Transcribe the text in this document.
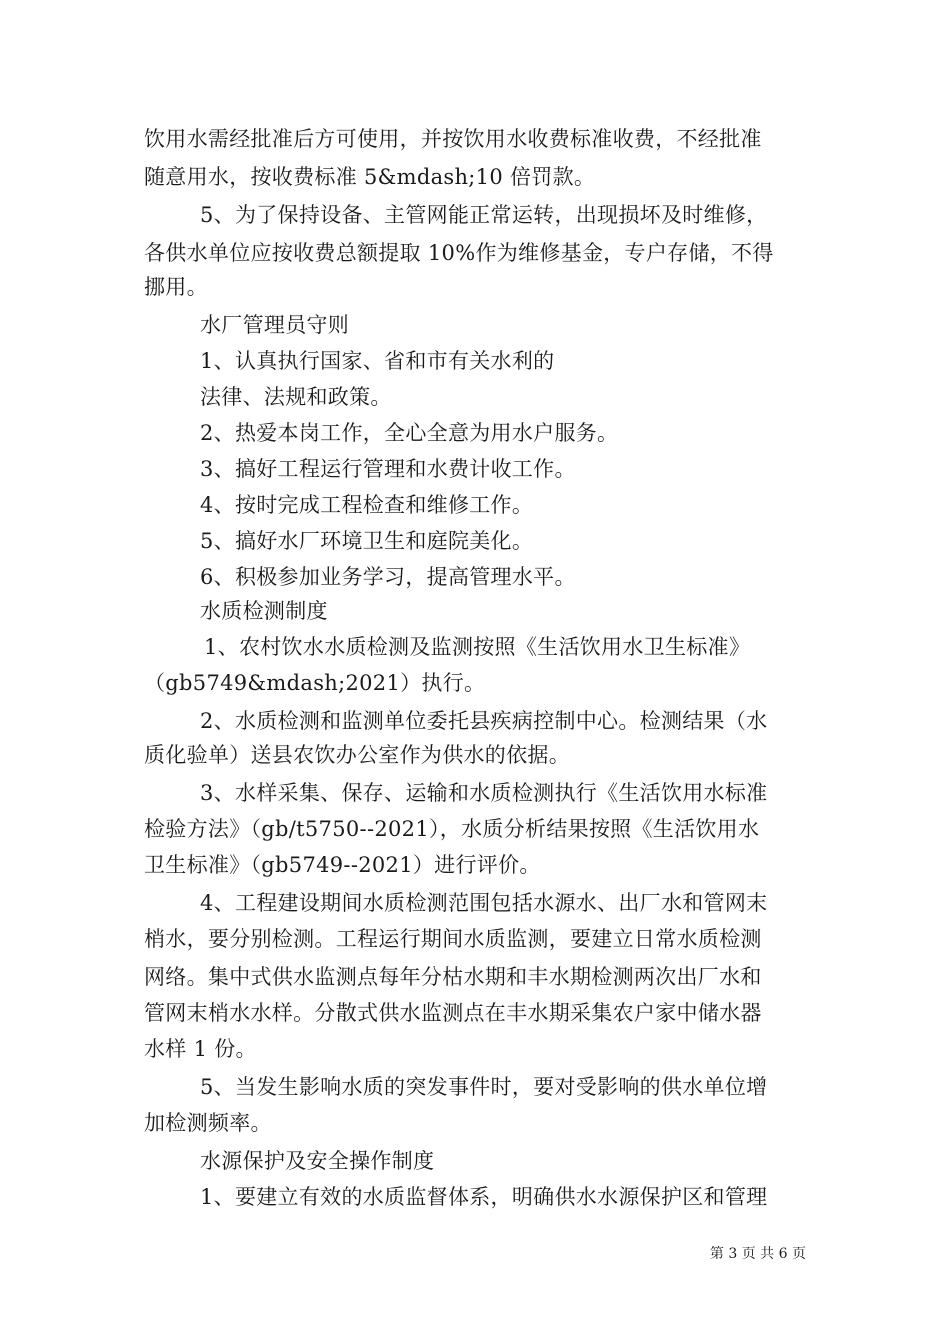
饮用水需经批准后方可使用，并按饮用水收费标准收费，不经批准
随意用水，按收费标准 5&mdash;10 倍罚款。
5、为了保持设备、主管网能正常运转，出现损坏及时维修，
各供水单位应按收费总额提取 10%作为维修基金，专户存储，不得
挪用。
水厂管理员守则
1、认真执行国家、省和市有关水利的
法律、法规和政策。
2、热爱本岗工作，全心全意为用水户服务。
3、搞好工程运行管理和水费计收工作。
4、按时完成工程检查和维修工作。
5、搞好水厂环境卫生和庭院美化。
6、积极参加业务学习，提高管理水平。
水质检测制度
1、农村饮水水质检测及监测按照《生活饮用水卫生标准》
（gb5749&mdash;2021）执行。
2、水质检测和监测单位委托县疾病控制中心。检测结果（水
质化验单）送县农饮办公室作为供水的依据。
3、水样采集、保存、运输和水质检测执行《生活饮用水标准
检验方法》（gb/t5750--2021），水质分析结果按照《生活饮用水
卫生标准》（gb5749--2021）进行评价。
4、工程建设期间水质检测范围包括水源水、出厂水和管网末
梢水，要分别检测。工程运行期间水质监测，要建立日常水质检测
网络。集中式供水监测点每年分枯水期和丰水期检测两次出厂水和
管网末梢水水样。分散式供水监测点在丰水期采集农户家中储水器
水样 1 份。
5、当发生影响水质的突发事件时，要对受影响的供水单位增
加检测频率。
水源保护及安全操作制度
1、要建立有效的水质监督体系，明确供水水源保护区和管理
第 3 页 共 6 页
